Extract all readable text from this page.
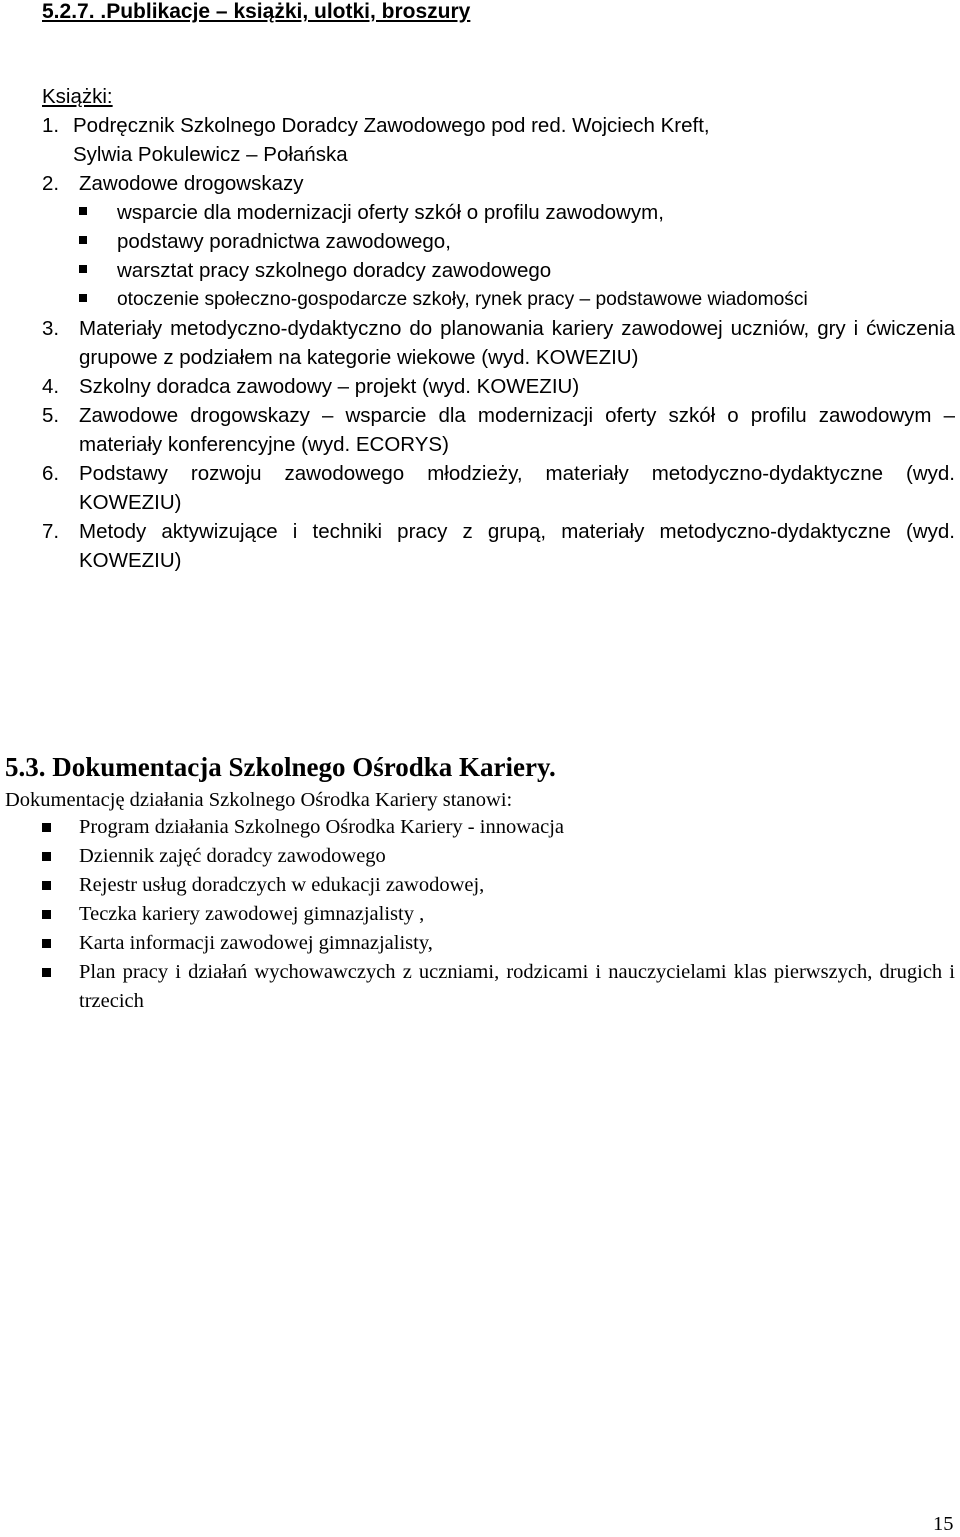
5.2.7. .Publikacje – książki, ulotki, broszury
Książki:
1. Podręcznik Szkolnego Doradcy Zawodowego pod red. Wojciech Kreft,
Sylwia Pokulewicz – Połańska
2. Zawodowe drogowskazy
wsparcie dla modernizacji oferty szkół o profilu zawodowym,
podstawy poradnictwa zawodowego,
warsztat pracy szkolnego doradcy zawodowego
otoczenie społeczno-gospodarcze szkoły, rynek pracy – podstawowe wiadomości
3. Materiały metodyczno-dydaktyczno do planowania kariery zawodowej uczniów, gry i ćwiczenia grupowe z podziałem na kategorie wiekowe (wyd. KOWEZIU)
4. Szkolny doradca zawodowy – projekt (wyd. KOWEZIU)
5. Zawodowe drogowskazy – wsparcie dla modernizacji oferty szkół o profilu zawodowym – materiały konferencyjne (wyd. ECORYS)
6. Podstawy rozwoju zawodowego młodzieży, materiały metodyczno-dydaktyczne (wyd. KOWEZIU)
7. Metody aktywizujące i techniki pracy z grupą, materiały metodyczno-dydaktyczne (wyd. KOWEZIU)
5.3. Dokumentacja Szkolnego Ośrodka Kariery.
Dokumentację działania Szkolnego Ośrodka Kariery stanowi:
Program działania Szkolnego Ośrodka Kariery - innowacja
Dziennik zajęć doradcy zawodowego
Rejestr usług doradczych w edukacji zawodowej,
Teczka kariery zawodowej gimnazjalisty ,
Karta informacji zawodowej gimnazjalisty,
Plan pracy i działań wychowawczych z uczniami, rodzicami i nauczycielami klas pierwszych, drugich i trzecich
15
